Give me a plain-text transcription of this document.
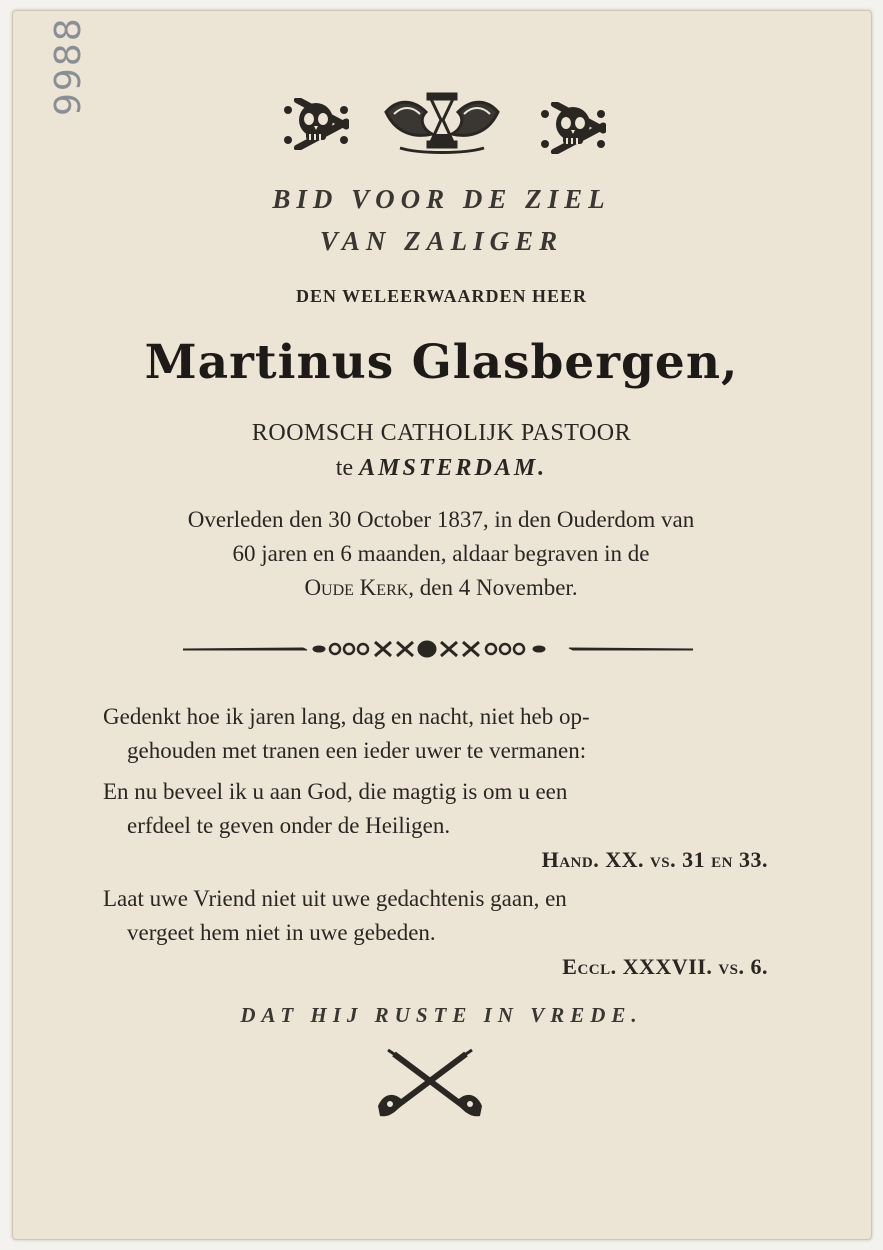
9988
BID VOOR DE ZIEL
VAN ZALIGER
DEN WELEERWAARDEN HEER
Martinus Glasbergen,
ROOMSCH CATHOLIJK PASTOOR
te AMSTERDAM.
Overleden den 30 October 1837, in den Ouderdom van
60 jaren en 6 maanden, aldaar begraven in de
Oude Kerk, den 4 November.
Gedenkt hoe ik jaren lang, dag en nacht, niet heb op-
gehouden met tranen een ieder uwer te vermanen:
En nu beveel ik u aan God, die magtig is om u een
erfdeel te geven onder de Heiligen.
Hand. XX. vs. 31 en 33.
Laat uwe Vriend niet uit uwe gedachtenis gaan, en
vergeet hem niet in uwe gebeden.
Eccl. XXXVII. vs. 6.
DAT HIJ RUSTE IN VREDE.
